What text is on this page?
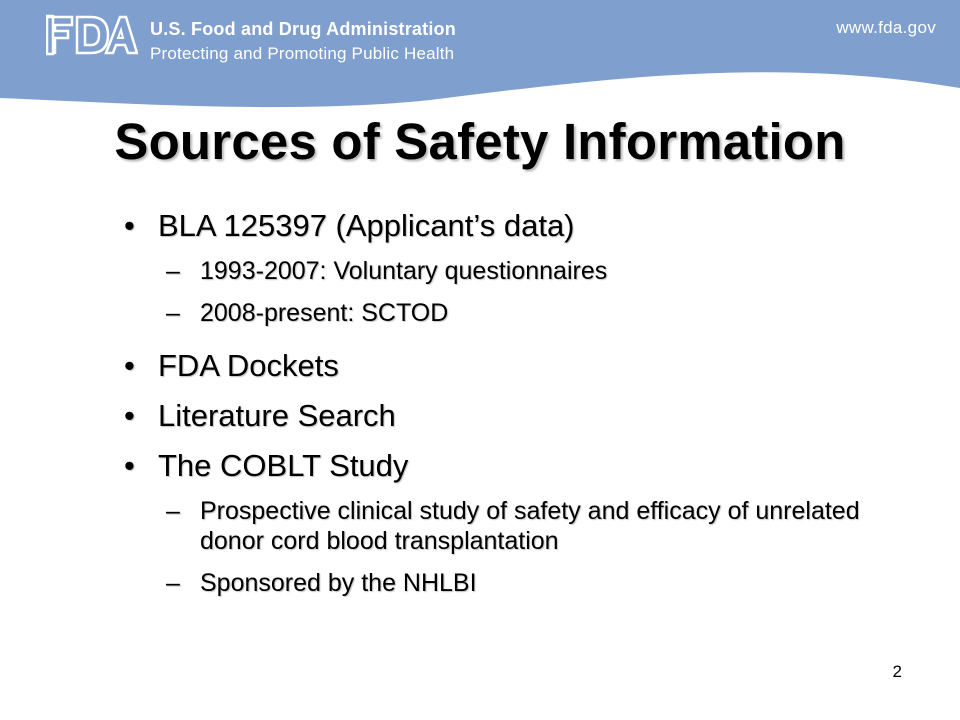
U.S. Food and Drug Administration
Protecting and Promoting Public Health
www.fda.gov
Sources of Safety Information
• BLA 125397 (Applicant’s data)
– 1993-2007: Voluntary questionnaires
– 2008-present: SCTOD
• FDA Dockets
• Literature Search
• The COBLT Study
– Prospective clinical study of safety and efficacy of unrelated donor cord blood transplantation
– Sponsored by the NHLBI
2
